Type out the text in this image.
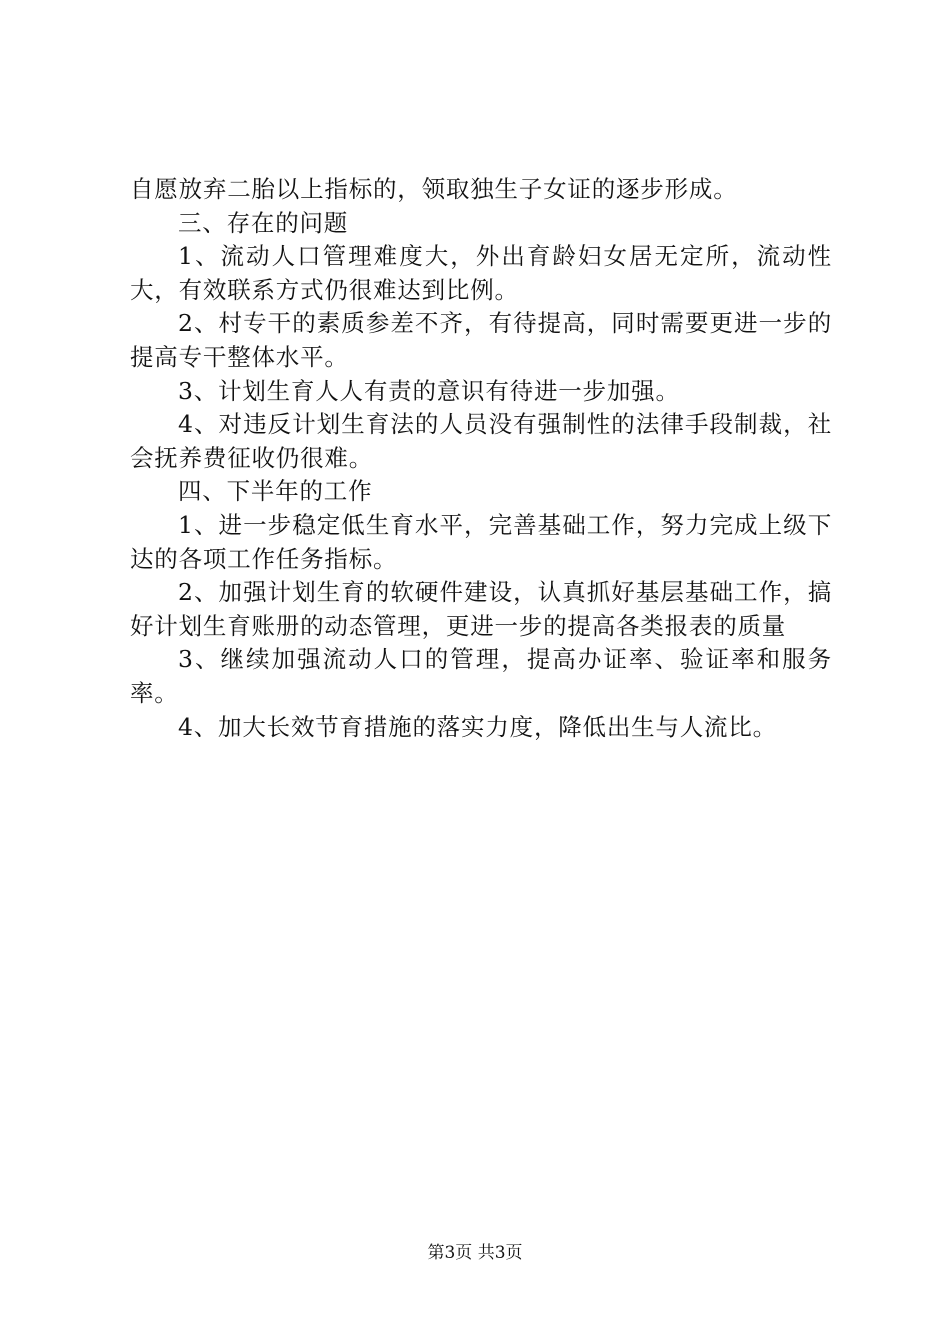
自愿放弃二胎以上指标的，领取独生子女证的逐步形成。

三、存在的问题

1、流动人口管理难度大，外出育龄妇女居无定所，流动性大，有效联系方式仍很难达到比例。

2、村专干的素质参差不齐，有待提高，同时需要更进一步的提高专干整体水平。

3、计划生育人人有责的意识有待进一步加强。

4、对违反计划生育法的人员没有强制性的法律手段制裁，社会抚养费征收仍很难。

四、下半年的工作

1、进一步稳定低生育水平，完善基础工作，努力完成上级下达的各项工作任务指标。

2、加强计划生育的软硬件建设，认真抓好基层基础工作，搞好计划生育账册的动态管理，更进一步的提高各类报表的质量

3、继续加强流动人口的管理，提高办证率、验证率和服务率。

4、加大长效节育措施的落实力度，降低出生与人流比。

第3页 共3页
